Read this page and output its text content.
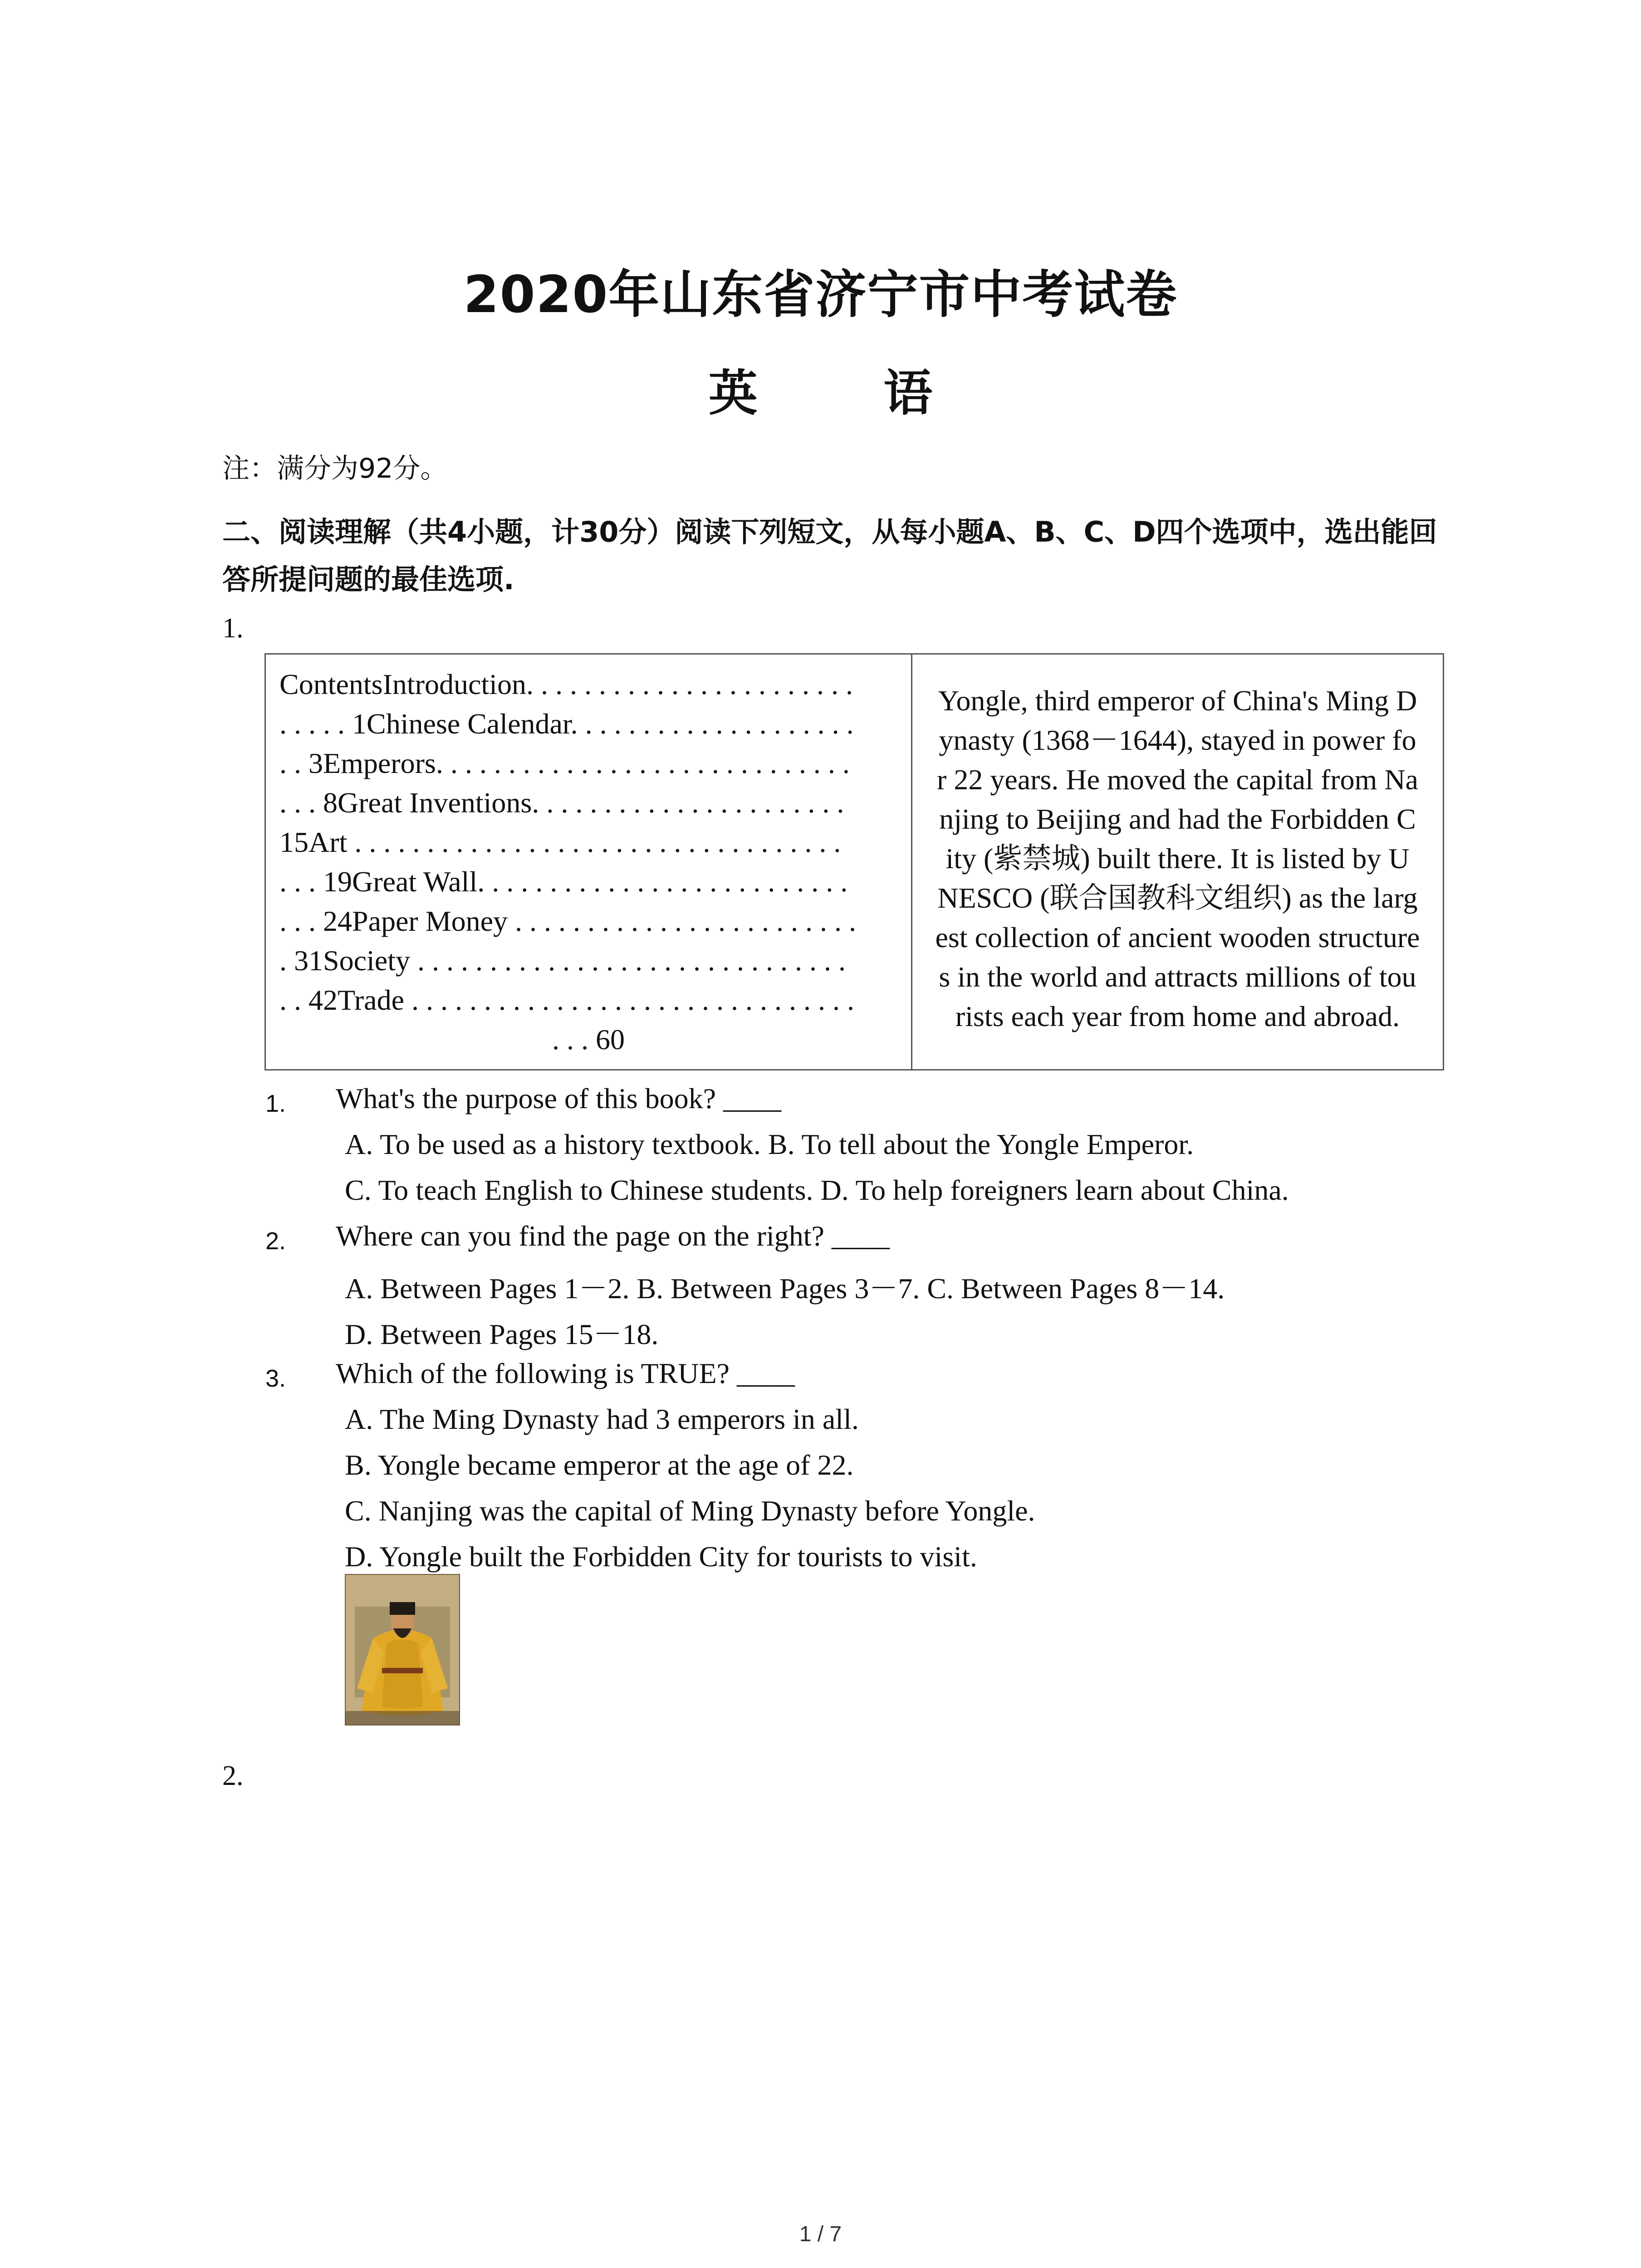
2020年山东省济宁市中考试卷
英 语
注：满分为92分。
二、阅读理解（共4小题，计30分）阅读下列短文，从每小题A、B、C、D四个选项中，选出能回答所提问题的最佳选项.
1.
ContentsIntroduction. . . . . . . . . . . . . . . . . . . . . . .
. . . . . 1Chinese Calendar. . . . . . . . . . . . . . . . . . . .
. . 3Emperors. . . . . . . . . . . . . . . . . . . . . . . . . . . . .
. . . 8Great Inventions. . . . . . . . . . . . . . . . . . . . . .
15Art . . . . . . . . . . . . . . . . . . . . . . . . . . . . . . . . . .
. . . 19Great Wall. . . . . . . . . . . . . . . . . . . . . . . . . .
. . . 24Paper Money . . . . . . . . . . . . . . . . . . . . . . . .
. 31Society . . . . . . . . . . . . . . . . . . . . . . . . . . . . . .
. . 42Trade . . . . . . . . . . . . . . . . . . . . . . . . . . . . . . .
. . . 60
Yongle, third emperor of China's Ming D
ynasty (1368－1644), stayed in power fo
r 22 years. He moved the capital from Na
njing to Beijing and had the Forbidden C
ity (紫禁城) built there. It is listed by U
NESCO (联合国教科文组织) as the larg
est collection of ancient wooden structure
s in the world and attracts millions of tou
rists each year from home and abroad.
1. What's the purpose of this book? ____
A. To be used as a history textbook. B. To tell about the Yongle Emperor.
C. To teach English to Chinese students. D. To help foreigners learn about China.
2. Where can you find the page on the right? ____
A. Between Pages 1－2. B. Between Pages 3－7. C. Between Pages 8－14.
D. Between Pages 15－18.
3. Which of the following is TRUE? ____
A. The Ming Dynasty had 3 emperors in all.
B. Yongle became emperor at the age of 22.
C. Nanjing was the capital of Ming Dynasty before Yongle.
D. Yongle built the Forbidden City for tourists to visit.
2.
1 / 7
